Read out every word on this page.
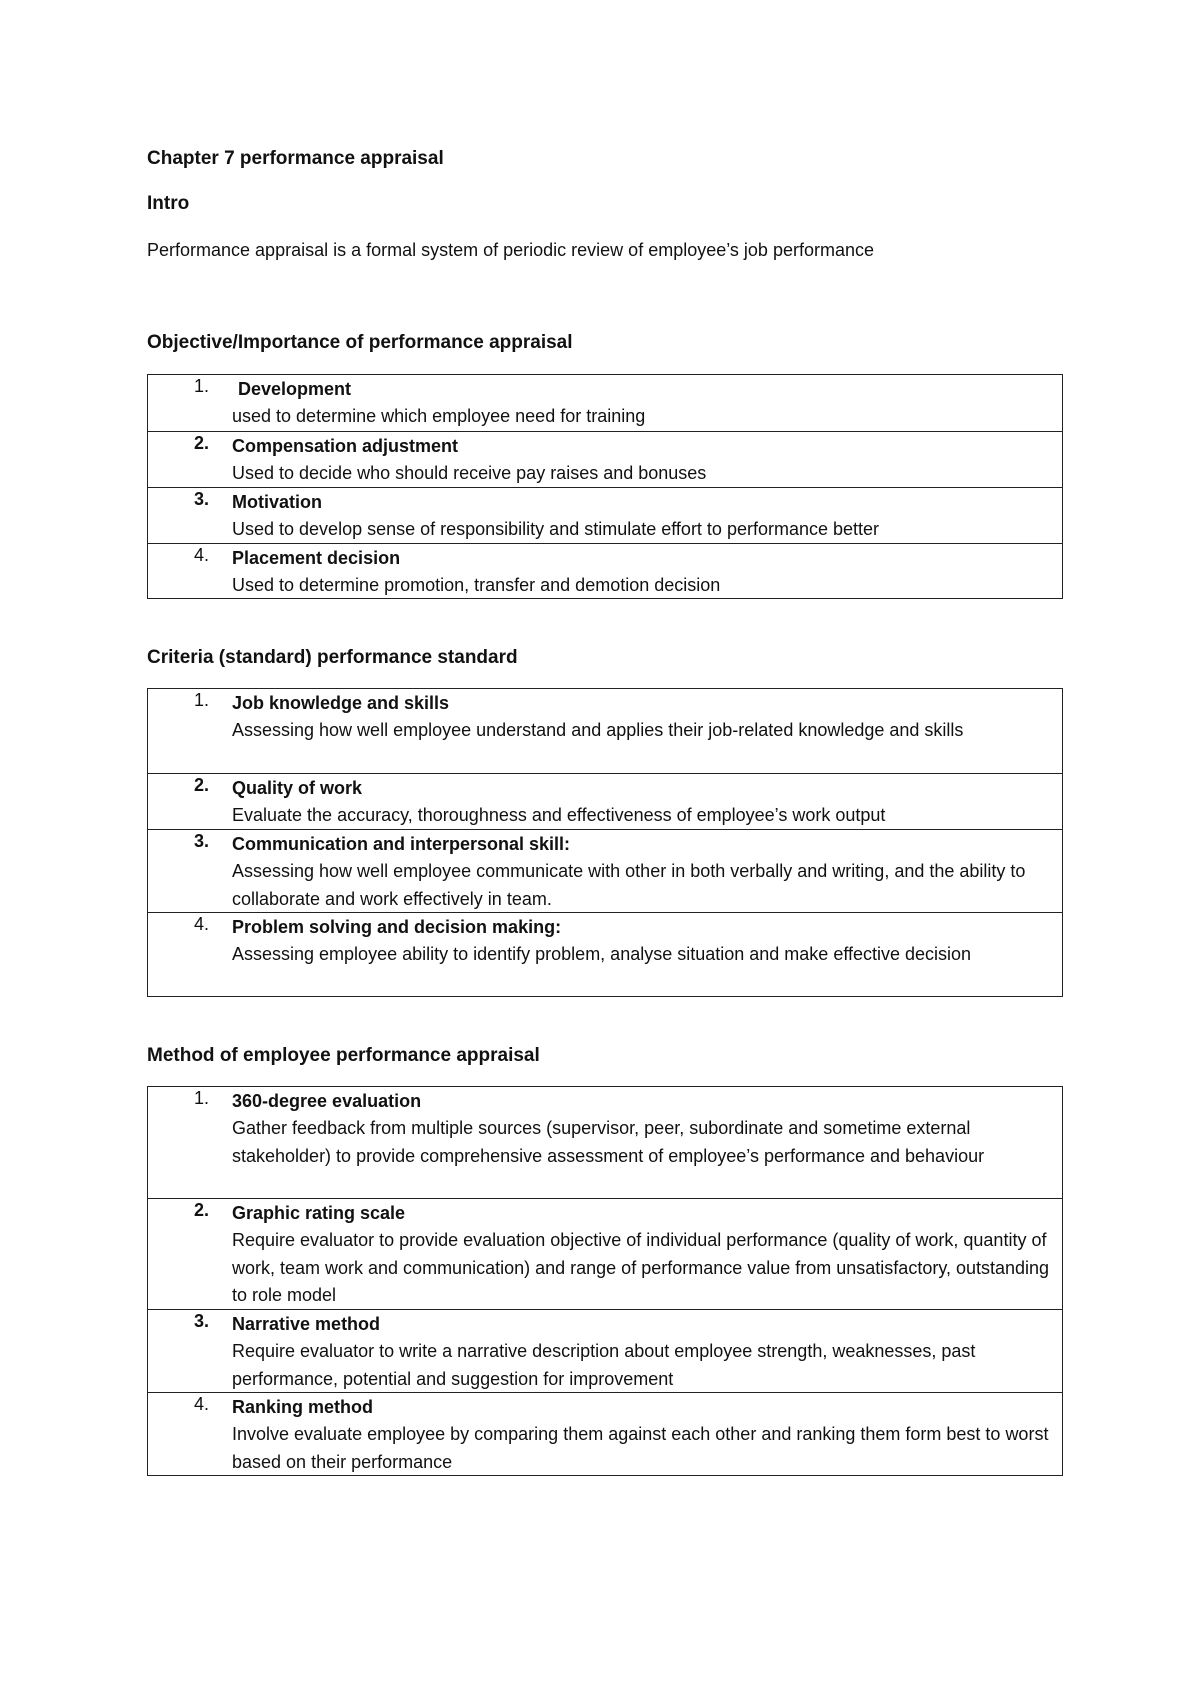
Chapter 7 performance appraisal
Intro
Performance appraisal is a formal system of periodic review of employee’s job performance
Objective/Importance of performance appraisal
1. Development
used to determine which employee need for training
2. Compensation adjustment
Used to decide who should receive pay raises and bonuses
3. Motivation
Used to develop sense of responsibility and stimulate effort to performance better
4. Placement decision
Used to determine promotion, transfer and demotion decision
Criteria (standard) performance standard
1. Job knowledge and skills
Assessing how well employee understand and applies their job-related knowledge and skills
2. Quality of work
Evaluate the accuracy, thoroughness and effectiveness of employee’s work output
3. Communication and interpersonal skill:
Assessing how well employee communicate with other in both verbally and writing, and the ability to collaborate and work effectively in team.
4. Problem solving and decision making:
Assessing employee ability to identify problem, analyse situation and make effective decision
Method of employee performance appraisal
1. 360-degree evaluation
Gather feedback from multiple sources (supervisor, peer, subordinate and sometime external stakeholder) to provide comprehensive assessment of employee’s performance and behaviour
2. Graphic rating scale
Require evaluator to provide evaluation objective of individual performance (quality of work, quantity of work, team work and communication) and range of performance value from unsatisfactory, outstanding to role model
3. Narrative method
Require evaluator to write a narrative description about employee strength, weaknesses, past performance, potential and suggestion for improvement
4. Ranking method
Involve evaluate employee by comparing them against each other and ranking them form best to worst based on their performance
